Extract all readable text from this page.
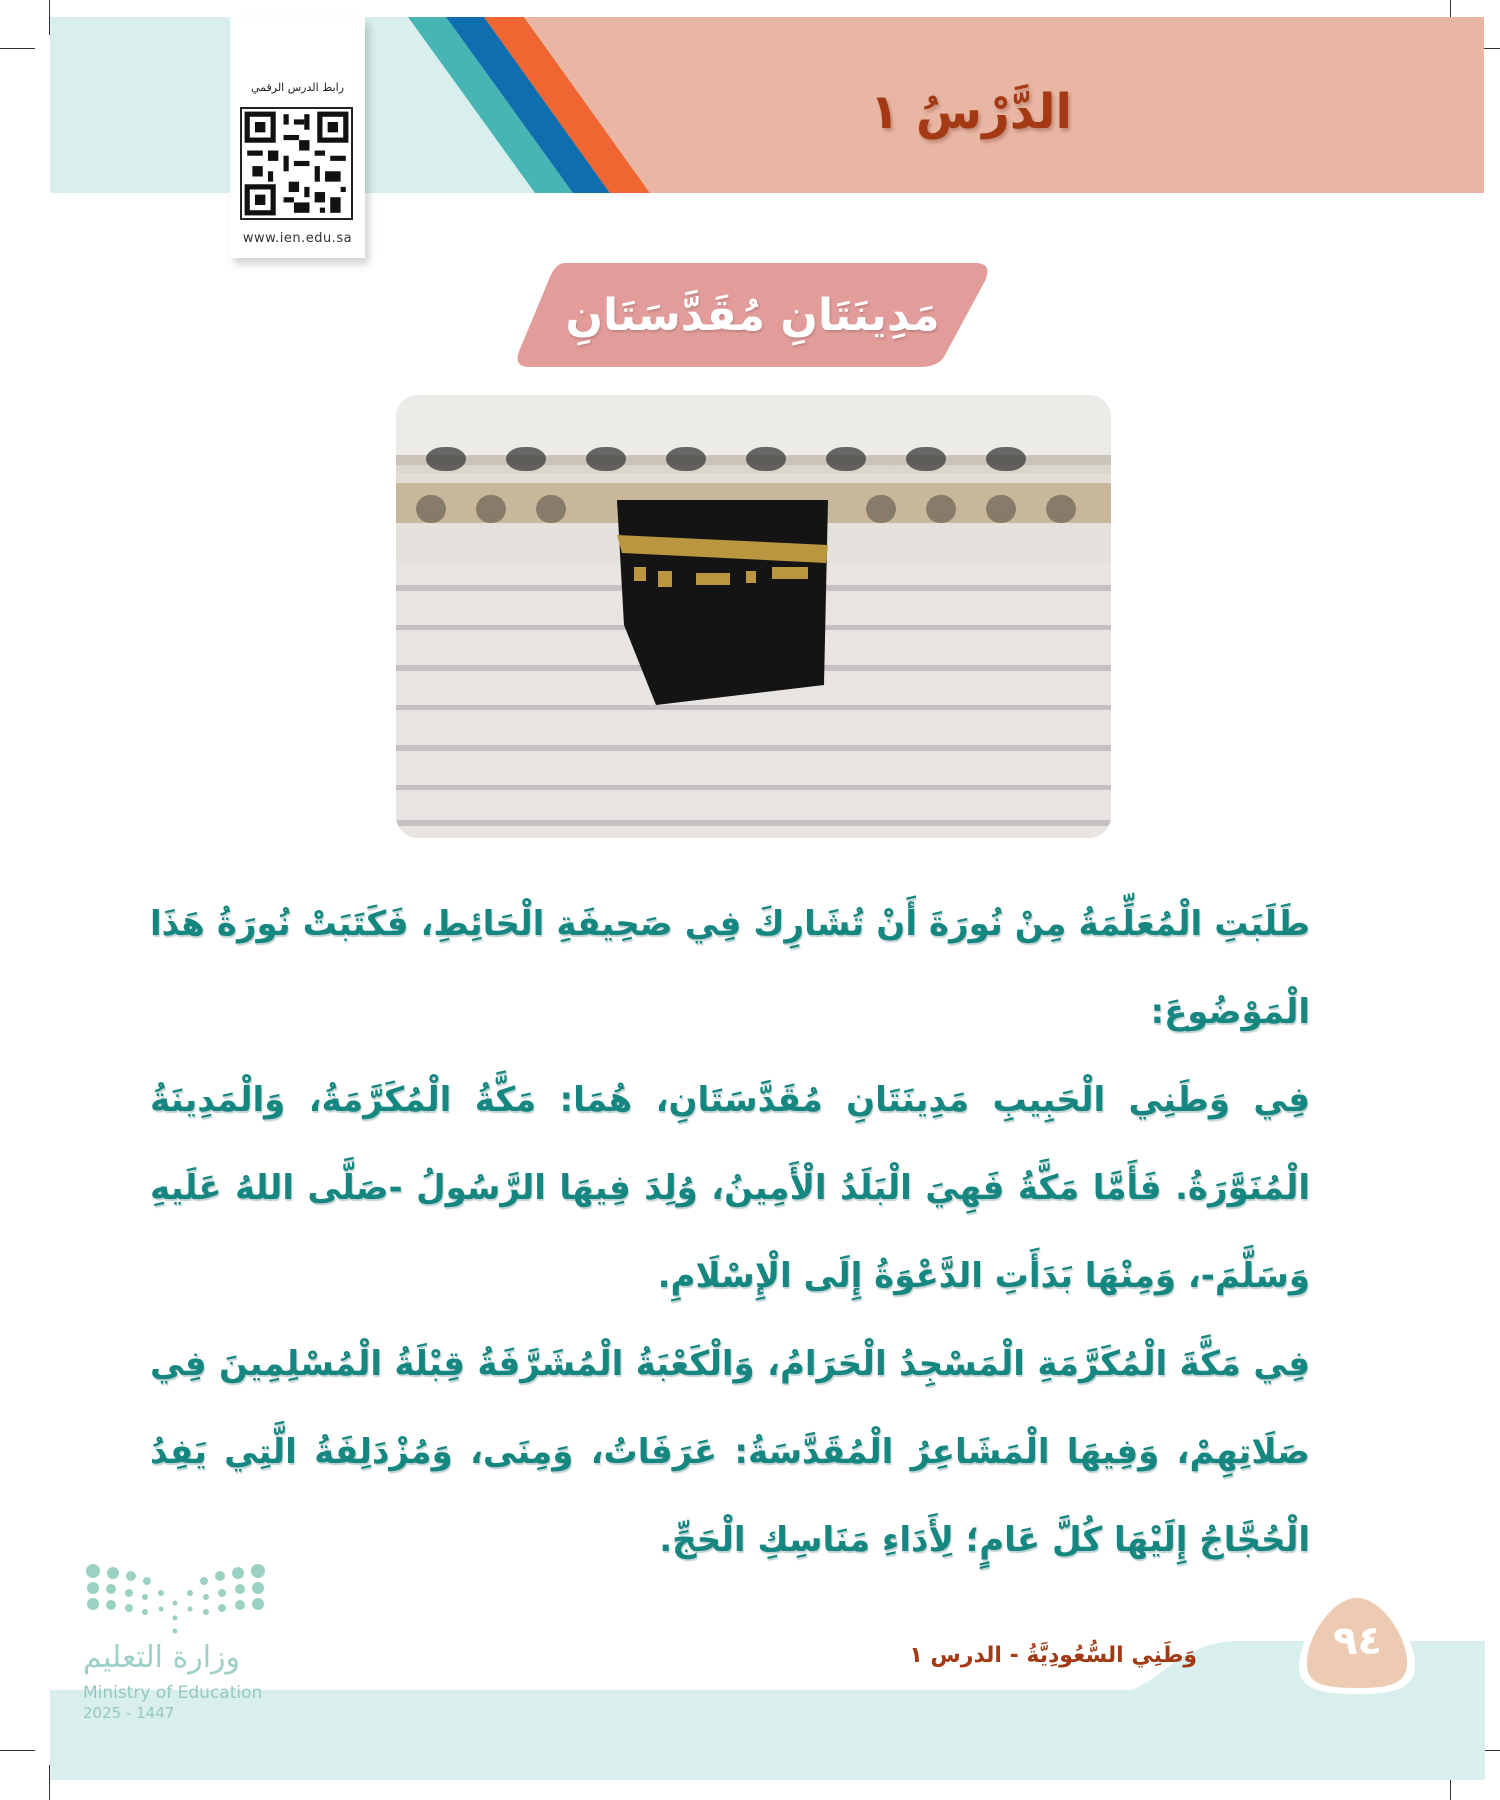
الدَّرْسُ ١
رابط الدرس الرقمي
www.ien.edu.sa
مَدِينَتَانِ مُقَدَّسَتَانِ

طَلَبَتِ الْمُعَلِّمَةُ مِنْ نُورَةَ أَنْ تُشَارِكَ فِي صَحِيفَةِ الْحَائِطِ، فَكَتَبَتْ نُورَةُ هَذَا الْمَوْضُوعَ:

فِي وَطَنِي الْحَبِيبِ مَدِينَتَانِ مُقَدَّسَتَانِ، هُمَا: مَكَّةُ الْمُكَرَّمَةُ، وَالْمَدِينَةُ الْمُنَوَّرَةُ. فَأَمَّا مَكَّةُ فَهِيَ الْبَلَدُ الْأَمِينُ، وُلِدَ فِيهَا الرَّسُولُ -صَلَّى اللهُ عَلَيهِ وَسَلَّمَ-، وَمِنْهَا بَدَأَتِ الدَّعْوَةُ إِلَى الْإِسْلَامِ.

فِي مَكَّةَ الْمُكَرَّمَةِ الْمَسْجِدُ الْحَرَامُ، وَالْكَعْبَةُ الْمُشَرَّفَةُ قِبْلَةُ الْمُسْلِمِينَ فِي صَلَاتِهِمْ، وَفِيهَا الْمَشَاعِرُ الْمُقَدَّسَةُ: عَرَفَاتُ، وَمِنَى، وَمُزْدَلِفَةُ الَّتِي يَفِدُ الْحُجَّاجُ إِلَيْهَا كُلَّ عَامٍ؛ لِأَدَاءِ مَنَاسِكِ الْحَجِّ.

وَطَنِي السُّعُودِيَّةُ - الدرس ١	٩٤
وزارة التعليم
Ministry of Education
2025 - 1447
